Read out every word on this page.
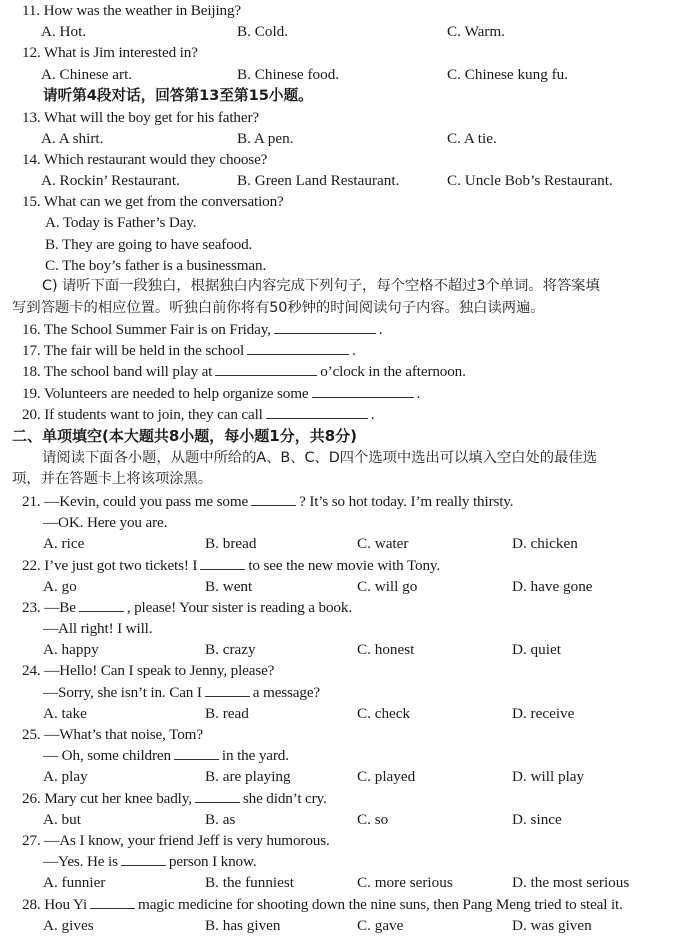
11. How was the weather in Beijing?
A. Hot.	B. Cold.	C. Warm.
12. What is Jim interested in?
A. Chinese art.	B. Chinese food.	C. Chinese kung fu.
请听第4段对话，回答第13至第15小题。
13. What will the boy get for his father?
A. A shirt.	B. A pen.	C. A tie.
14. Which restaurant would they choose?
A. Rockin’ Restaurant.	B. Green Land Restaurant.	C. Uncle Bob’s Restaurant.
15. What can we get from the conversation?
A. Today is Father’s Day.
B. They are going to have seafood.
C. The boy’s father is a businessman.
C) 请听下面一段独白，根据独白内容完成下列句子，每个空格不超过3个单词。将答案填
写到答题卡的相应位置。听独白前你将有50秒钟的时间阅读句子内容。独白读两遍。
16. The School Summer Fair is on Friday,	.
17. The fair will be held in the school	.
18. The school band will play at	o’clock in the afternoon.
19. Volunteers are needed to help organize some	.
20. If students want to join, they can call	.
二、单项填空(本大题共8小题，每小题1分，共8分)
请阅读下面各小题，从题中所给的A、B、C、D四个选项中选出可以填入空白处的最佳选
项，并在答题卡上将该项涂黑。
21. —Kevin, could you pass me some	? It’s so hot today. I’m really thirsty.
—OK. Here you are.
A. rice	B. bread	C. water	D. chicken
22. I’ve just got two tickets! I	to see the new movie with Tony.
A. go	B. went	C. will go	D. have gone
23. —Be	, please! Your sister is reading a book.
—All right! I will.
A. happy	B. crazy	C. honest	D. quiet
24. —Hello! Can I speak to Jenny, please?
—Sorry, she isn’t in. Can I	a message?
A. take	B. read	C. check	D. receive
25. —What’s that noise, Tom?
— Oh, some children	in the yard.
A. play	B. are playing	C. played	D. will play
26. Mary cut her knee badly,	she didn’t cry.
A. but	B. as	C. so	D. since
27. —As I know, your friend Jeff is very humorous.
—Yes. He is	person I know.
A. funnier	B. the funniest	C. more serious	D. the most serious
28. Hou Yi	magic medicine for shooting down the nine suns, then Pang Meng tried to steal it.
A. gives	B. has given	C. gave	D. was given
